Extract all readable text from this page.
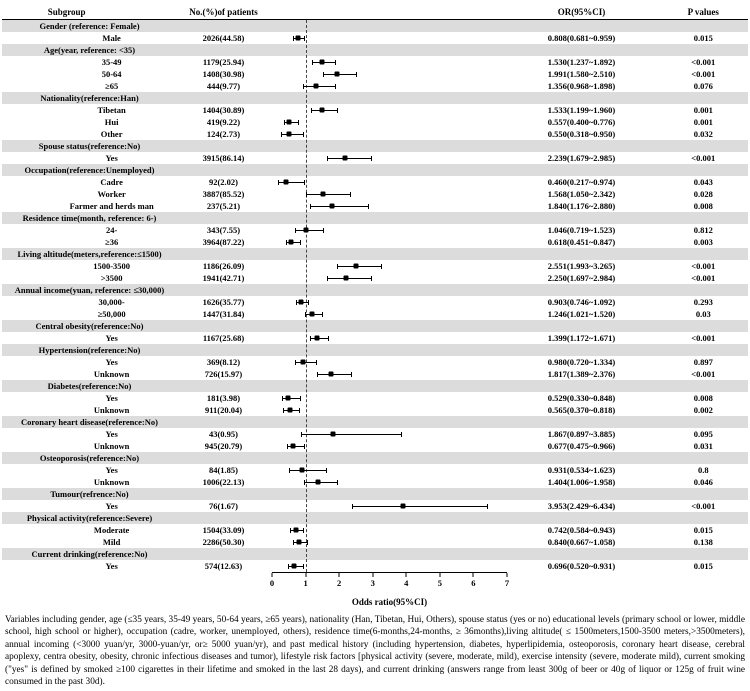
Subgroup	No.(%)of patients	OR(95%CI)	P values
Gender (reference: Female)
Male	2026(44.58)	0.808(0.681~0.959)	0.015
Age(year, reference: <35)
35-49	1179(25.94)	1.530(1.237~1.892)	<0.001
50-64	1408(30.98)	1.991(1.580~2.510)	<0.001
≥65	444(9.77)	1.356(0.968~1.898)	0.076
Nationality(reference:Han)
Tibetan	1404(30.89)	1.533(1.199~1.960)	0.001
Hui	419(9.22)	0.557(0.400~0.776)	0.001
Other	124(2.73)	0.550(0.318~0.950)	0.032
Spouse status(reference:No)
Yes	3915(86.14)	2.239(1.679~2.985)	<0.001
Occupation(reference:Unemployed)
Cadre	92(2.02)	0.460(0.217~0.974)	0.043
Worker	3887(85.52)	1.568(1.050~2.342)	0.028
Farmer and herds man	237(5.21)	1.840(1.176~2.880)	0.008
Residence time(month, reference: 6-)
24-	343(7.55)	1.046(0.719~1.523)	0.812
≥36	3964(87.22)	0.618(0.451~0.847)	0.003
Living altitude(meters,reference:≤1500)
1500-3500	1186(26.09)	2.551(1.993~3.265)	<0.001
>3500	1941(42.71)	2.250(1.697~2.984)	<0.001
Annual income(yuan, reference: ≤30,000)
30,000-	1626(35.77)	0.903(0.746~1.092)	0.293
≥50,000	1447(31.84)	1.246(1.021~1.520)	0.03
Central obesity(reference:No)
Yes	1167(25.68)	1.399(1.172~1.671)	<0.001
Hypertension(reference:No)
Yes	369(8.12)	0.980(0.720~1.334)	0.897
Unknown	726(15.97)	1.817(1.389~2.376)	<0.001
Diabetes(reference:No)
Yes	181(3.98)	0.529(0.330~0.848)	0.008
Unknown	911(20.04)	0.565(0.370~0.818)	0.002
Coronary heart disease(reference:No)
Yes	43(0.95)	1.867(0.897~3.885)	0.095
Unknown	945(20.79)	0.677(0.475~0.966)	0.031
Osteoporosis(reference:No)
Yes	84(1.85)	0.931(0.534~1.623)	0.8
Unknown	1006(22.13)	1.404(1.006~1.958)	0.046
Tumour(refrence:No)
Yes	76(1.67)	3.953(2.429~6.434)	<0.001
Physical activity(reference:Severe)
Moderate	1504(33.09)	0.742(0.584~0.943)	0.015
Mild	2286(50.30)	0.840(0.667~1.058)	0.138
Current drinking(reference:No)
Yes	574(12.63)	0.696(0.520~0.931)	0.015
0	1	2	3	4	5	6	7
Odds ratio(95%CI)
Variables including gender, age (≤35 years, 35-49 years, 50-64 years, ≥65 years), nationality (Han, Tibetan, Hui, Others), spouse status (yes or no) educational levels (primary school or lower, middle school, high school or higher), occupation (cadre, worker, unemployed, others), residence time(6-months,24-months, ≥ 36months),living altitude( ≤ 1500meters,1500-3500 meters,>3500meters), annual incoming (<3000 yuan/yr, 3000-yuan/yr, or≥ 5000 yuan/yr), and past medical history (including hypertension, diabetes, hyperlipidemia, osteoporosis, coronary heart disease, cerebral apoplexy, centra obesity, obesity, chronic infectious diseases and tumor), lifestyle risk factors [physical activity (severe, moderate, mild), exercise intensity (severe, moderate mild), current smoking ("yes" is defined by smoked ≥100 cigarettes in their lifetime and smoked in the last 28 days), and current drinking (answers range from least 300g of beer or 40g of liquor or 125g of fruit wine consumed in the past 30d).
